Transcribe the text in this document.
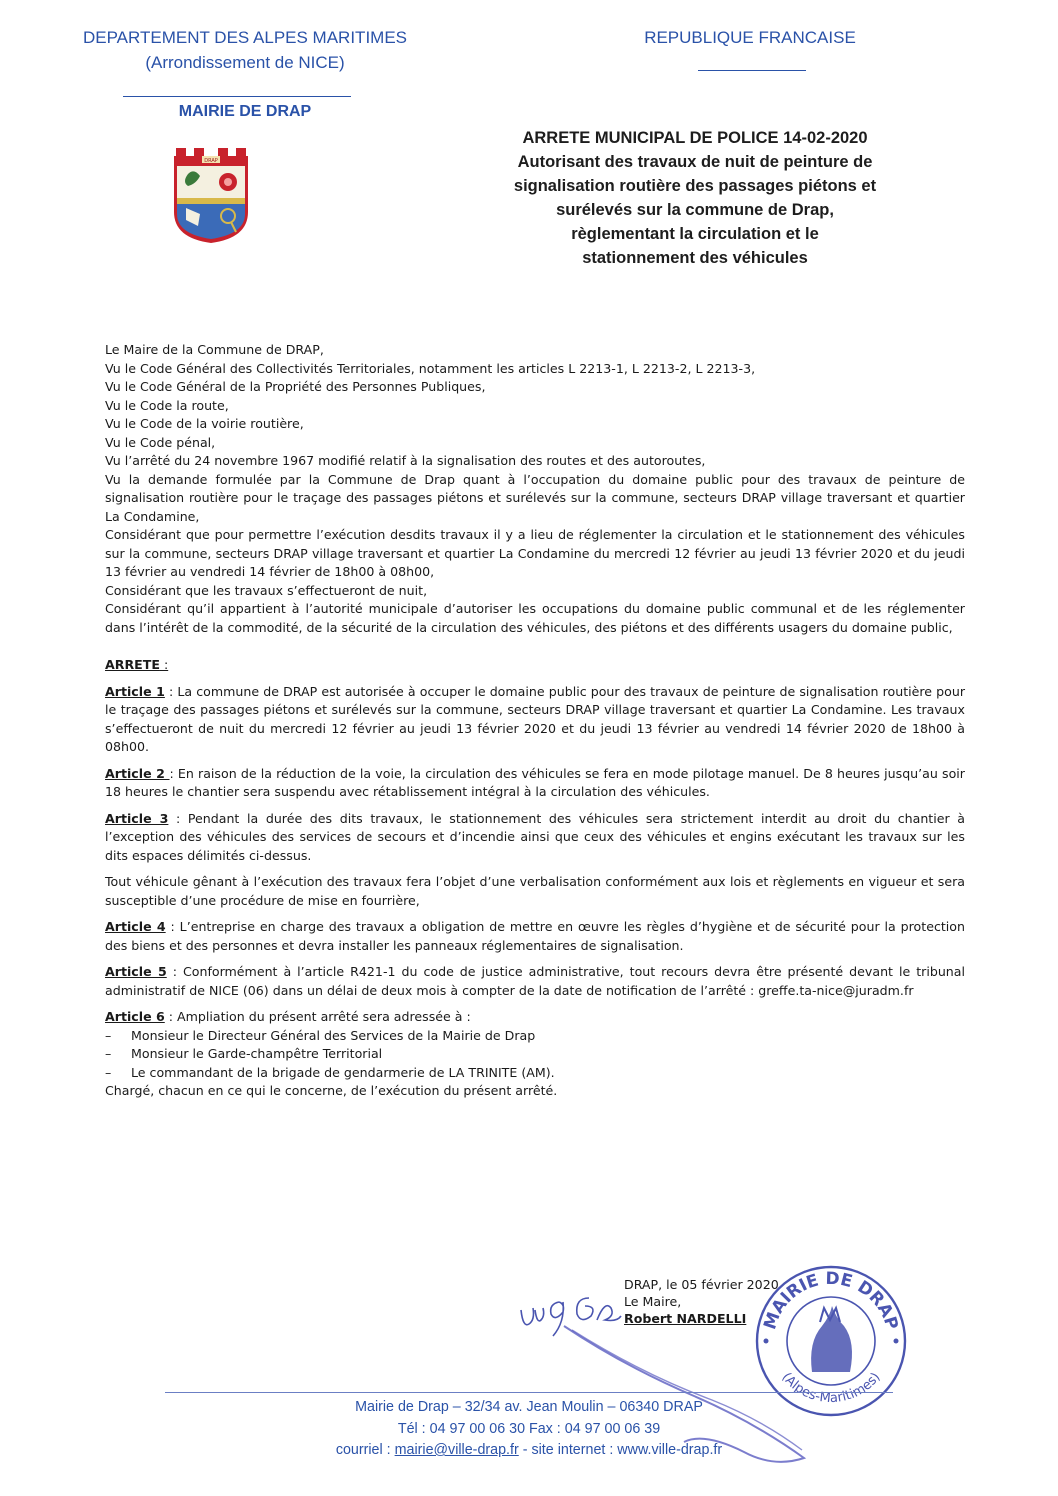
DEPARTEMENT DES ALPES MARITIMES
(Arrondissement de NICE)
MAIRIE DE DRAP
REPUBLIQUE FRANCAISE
DRAP
ARRETE MUNICIPAL DE POLICE 14-02-2020
Autorisant des travaux de nuit de peinture de
signalisation routière des passages piétons et
surélevés sur la commune de Drap,
règlementant la circulation et le
stationnement des véhicules

Le Maire de la Commune de DRAP,

Vu le Code Général des Collectivités Territoriales, notamment les articles L 2213-1, L 2213-2, L 2213-3,

Vu le Code Général de la Propriété des Personnes Publiques,

Vu le Code la route,

Vu le Code de la voirie routière,

Vu le Code pénal,

Vu l’arrêté du 24 novembre 1967 modifié relatif à la signalisation des routes et des autoroutes,

Vu la demande formulée par la Commune de Drap quant à l’occupation du domaine public pour des travaux de peinture de signalisation routière pour le traçage des passages piétons et surélevés sur la commune, secteurs DRAP village traversant et quartier La Condamine,

Considérant que pour permettre l’exécution desdits travaux il y a lieu de réglementer la circulation et le stationnement des véhicules sur la commune, secteurs DRAP village traversant et quartier La Condamine du mercredi 12 février au jeudi 13 février 2020 et du jeudi 13 février au vendredi 14 février de 18h00 à 08h00,

Considérant que les travaux s’effectueront de nuit,

Considérant qu’il appartient à l’autorité municipale d’autoriser les occupations du domaine public communal et de les réglementer dans l’intérêt de la commodité, de la sécurité de la circulation des véhicules, des piétons et des différents usagers du domaine public,

ARRETE :

Article 1 : La commune de DRAP est autorisée à occuper le domaine public pour des travaux de peinture de signalisation routière pour le traçage des passages piétons et surélevés sur la commune, secteurs DRAP village traversant et quartier La Condamine. Les travaux s’effectueront de nuit du mercredi 12 février au jeudi 13 février 2020 et du jeudi 13 février au vendredi 14 février 2020 de 18h00 à 08h00.

Article 2 : En raison de la réduction de la voie, la circulation des véhicules se fera en mode pilotage manuel. De 8 heures jusqu’au soir 18 heures le chantier sera suspendu avec rétablissement intégral à la circulation des véhicules.

Article 3 : Pendant la durée des dits travaux, le stationnement des véhicules sera strictement interdit au droit du chantier à l’exception des véhicules des services de secours et d’incendie ainsi que ceux des véhicules et engins exécutant les travaux sur les dits espaces délimités ci-dessus.

Tout véhicule gênant à l’exécution des travaux fera l’objet d’une verbalisation conformément aux lois et règlements en vigueur et sera susceptible d’une procédure de mise en fourrière,

Article 4 : L’entreprise en charge des travaux a obligation de mettre en œuvre les règles d’hygiène et de sécurité pour la protection des biens et des personnes et devra installer les panneaux réglementaires de signalisation.

Article 5 : Conformément à l’article R421-1 du code de justice administrative, tout recours devra être présenté devant le tribunal administratif de NICE (06) dans un délai de deux mois à compter de la date de notification de l’arrêté : greffe.ta-nice@juradm.fr

Article 6 : Ampliation du présent arrêté sera adressée à :

– Monsieur le Directeur Général des Services de la Mairie de Drap

– Monsieur le Garde-champêtre Territorial

– Le commandant de la brigade de gendarmerie de LA TRINITE (AM).

Chargé, chacun en ce qui le concerne, de l’exécution du présent arrêté.

DRAP, le 05 février 2020
Le Maire,
Robert NARDELLI MAIRIE DE DRAP
(Alpes-Maritimes)
Mairie de Drap – 32/34 av. Jean Moulin – 06340 DRAP
Tél : 04 97 00 06 30 Fax : 04 97 00 06 39
courriel : mairie@ville-drap.fr - site internet : www.ville-drap.fr
